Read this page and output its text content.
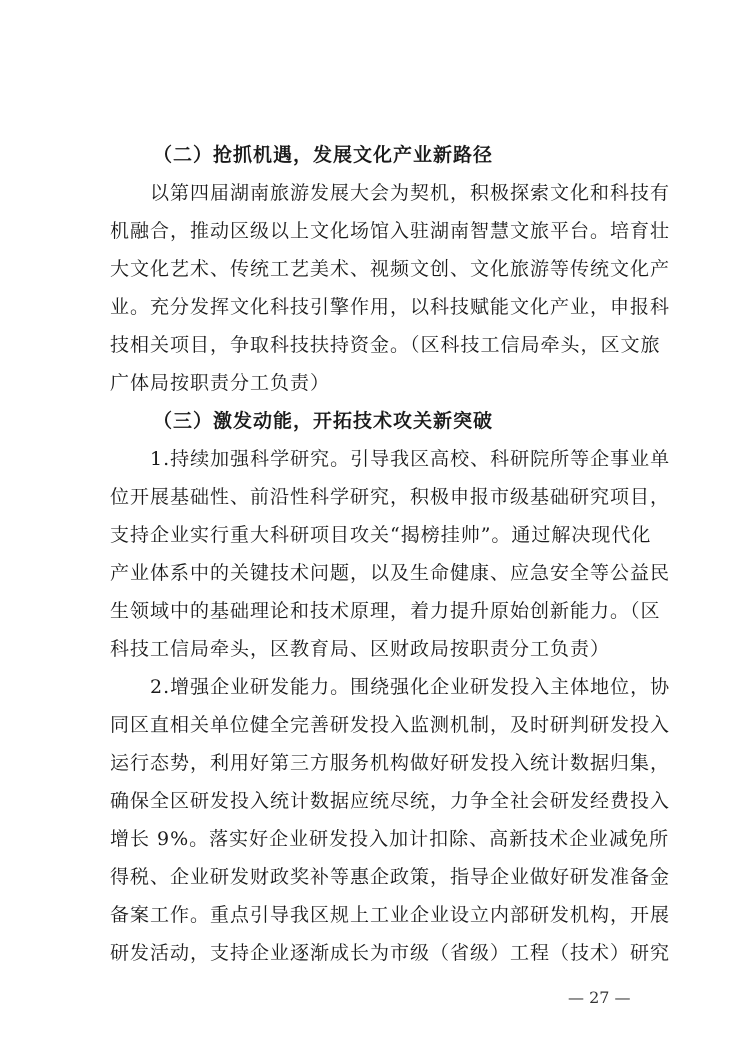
（二）抢抓机遇，发展文化产业新路径
以第四届湖南旅游发展大会为契机，积极探索文化和科技有
机融合，推动区级以上文化场馆入驻湖南智慧文旅平台。培育壮
大文化艺术、传统工艺美术、视频文创、文化旅游等传统文化产
业。充分发挥文化科技引擎作用，以科技赋能文化产业，申报科
技相关项目，争取科技扶持资金。（区科技工信局牵头，区文旅
广体局按职责分工负责）
（三）激发动能，开拓技术攻关新突破
1.持续加强科学研究。引导我区高校、科研院所等企事业单
位开展基础性、前沿性科学研究，积极申报市级基础研究项目，
支持企业实行重大科研项目攻关“揭榜挂帅”。通过解决现代化
产业体系中的关键技术问题，以及生命健康、应急安全等公益民
生领域中的基础理论和技术原理，着力提升原始创新能力。（区
科技工信局牵头，区教育局、区财政局按职责分工负责）
2.增强企业研发能力。围绕强化企业研发投入主体地位，协
同区直相关单位健全完善研发投入监测机制，及时研判研发投入
运行态势，利用好第三方服务机构做好研发投入统计数据归集，
确保全区研发投入统计数据应统尽统，力争全社会研发经费投入
增长 9%。落实好企业研发投入加计扣除、高新技术企业减免所
得税、企业研发财政奖补等惠企政策，指导企业做好研发准备金
备案工作。重点引导我区规上工业企业设立内部研发机构，开展
研发活动，支持企业逐渐成长为市级（省级）工程（技术）研究
— 27 —
